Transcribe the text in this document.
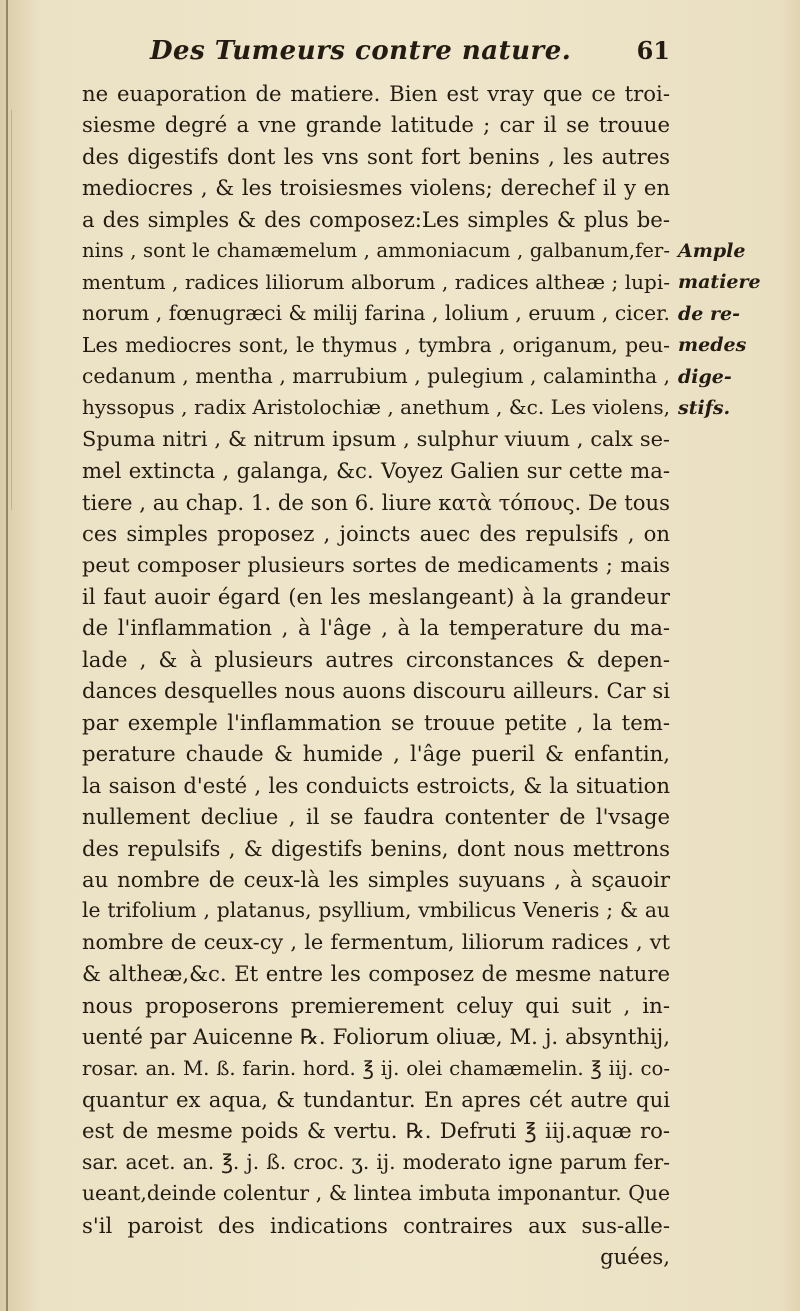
Des Tumeurs contre nature.	61
ne euaporation de matiere. Bien est vray que ce troi-
siesme degré a vne grande latitude ; car il se trouue
des digestifs dont les vns sont fort benins , les autres
mediocres , & les troisiesmes violens; derechef il y en
a des simples & des composez:Les simples & plus be-
nins , sont le chamæmelum , ammoniacum , galbanum,fer-
mentum , radices liliorum alborum , radices altheæ ; lupi-
norum , fœnugræci & milij farina , lolium , eruum , cicer.
Les mediocres sont, le thymus , tymbra , origanum, peu-
cedanum , mentha , marrubium , pulegium , calamintha ,
hyssopus , radix Aristolochiæ , anethum , &c. Les violens,
Spuma nitri , & nitrum ipsum , sulphur viuum , calx se-
mel extincta , galanga, &c. Voyez Galien sur cette ma-
tiere , au chap. 1. de son 6. liure κατὰ τόπους. De tous
ces simples proposez , joincts auec des repulsifs , on
peut composer plusieurs sortes de medicaments ; mais
il faut auoir égard (en les meslangeant) à la grandeur
de l'inflammation , à l'âge , à la temperature du ma-
lade , & à plusieurs autres circonstances & depen-
dances desquelles nous auons discouru ailleurs. Car si
par exemple l'inflammation se trouue petite , la tem-
perature chaude & humide , l'âge pueril & enfantin,
la saison d'esté , les conduicts estroicts, & la situation
nullement decliue , il se faudra contenter de l'vsage
des repulsifs , & digestifs benins, dont nous mettrons
au nombre de ceux-là les simples suyuans , à sçauoir
le trifolium , platanus, psyllium, vmbilicus Veneris ; & au
nombre de ceux-cy , le fermentum, liliorum radices , vt
& altheæ,&c. Et entre les composez de mesme nature
nous proposerons premierement celuy qui suit , in-
uenté par Auicenne ℞. Foliorum oliuæ, M. j. absynthij,
rosar. an. M. ß. farin. hord. ℥ ij. olei chamæmelin. ℥ iij. co-
quantur ex aqua, & tundantur. En apres cét autre qui
est de mesme poids & vertu. ℞. Defruti ℥ iij.aquæ ro-
sar. acet. an. ℥. j. ß. croc. ʒ. ij. moderato igne parum fer-
ueant,deinde colentur , & lintea imbuta imponantur. Que
s'il paroist des indications contraires aux sus-alle-
guées,
Ample
matiere
de re-
medes
dige-
stifs.
